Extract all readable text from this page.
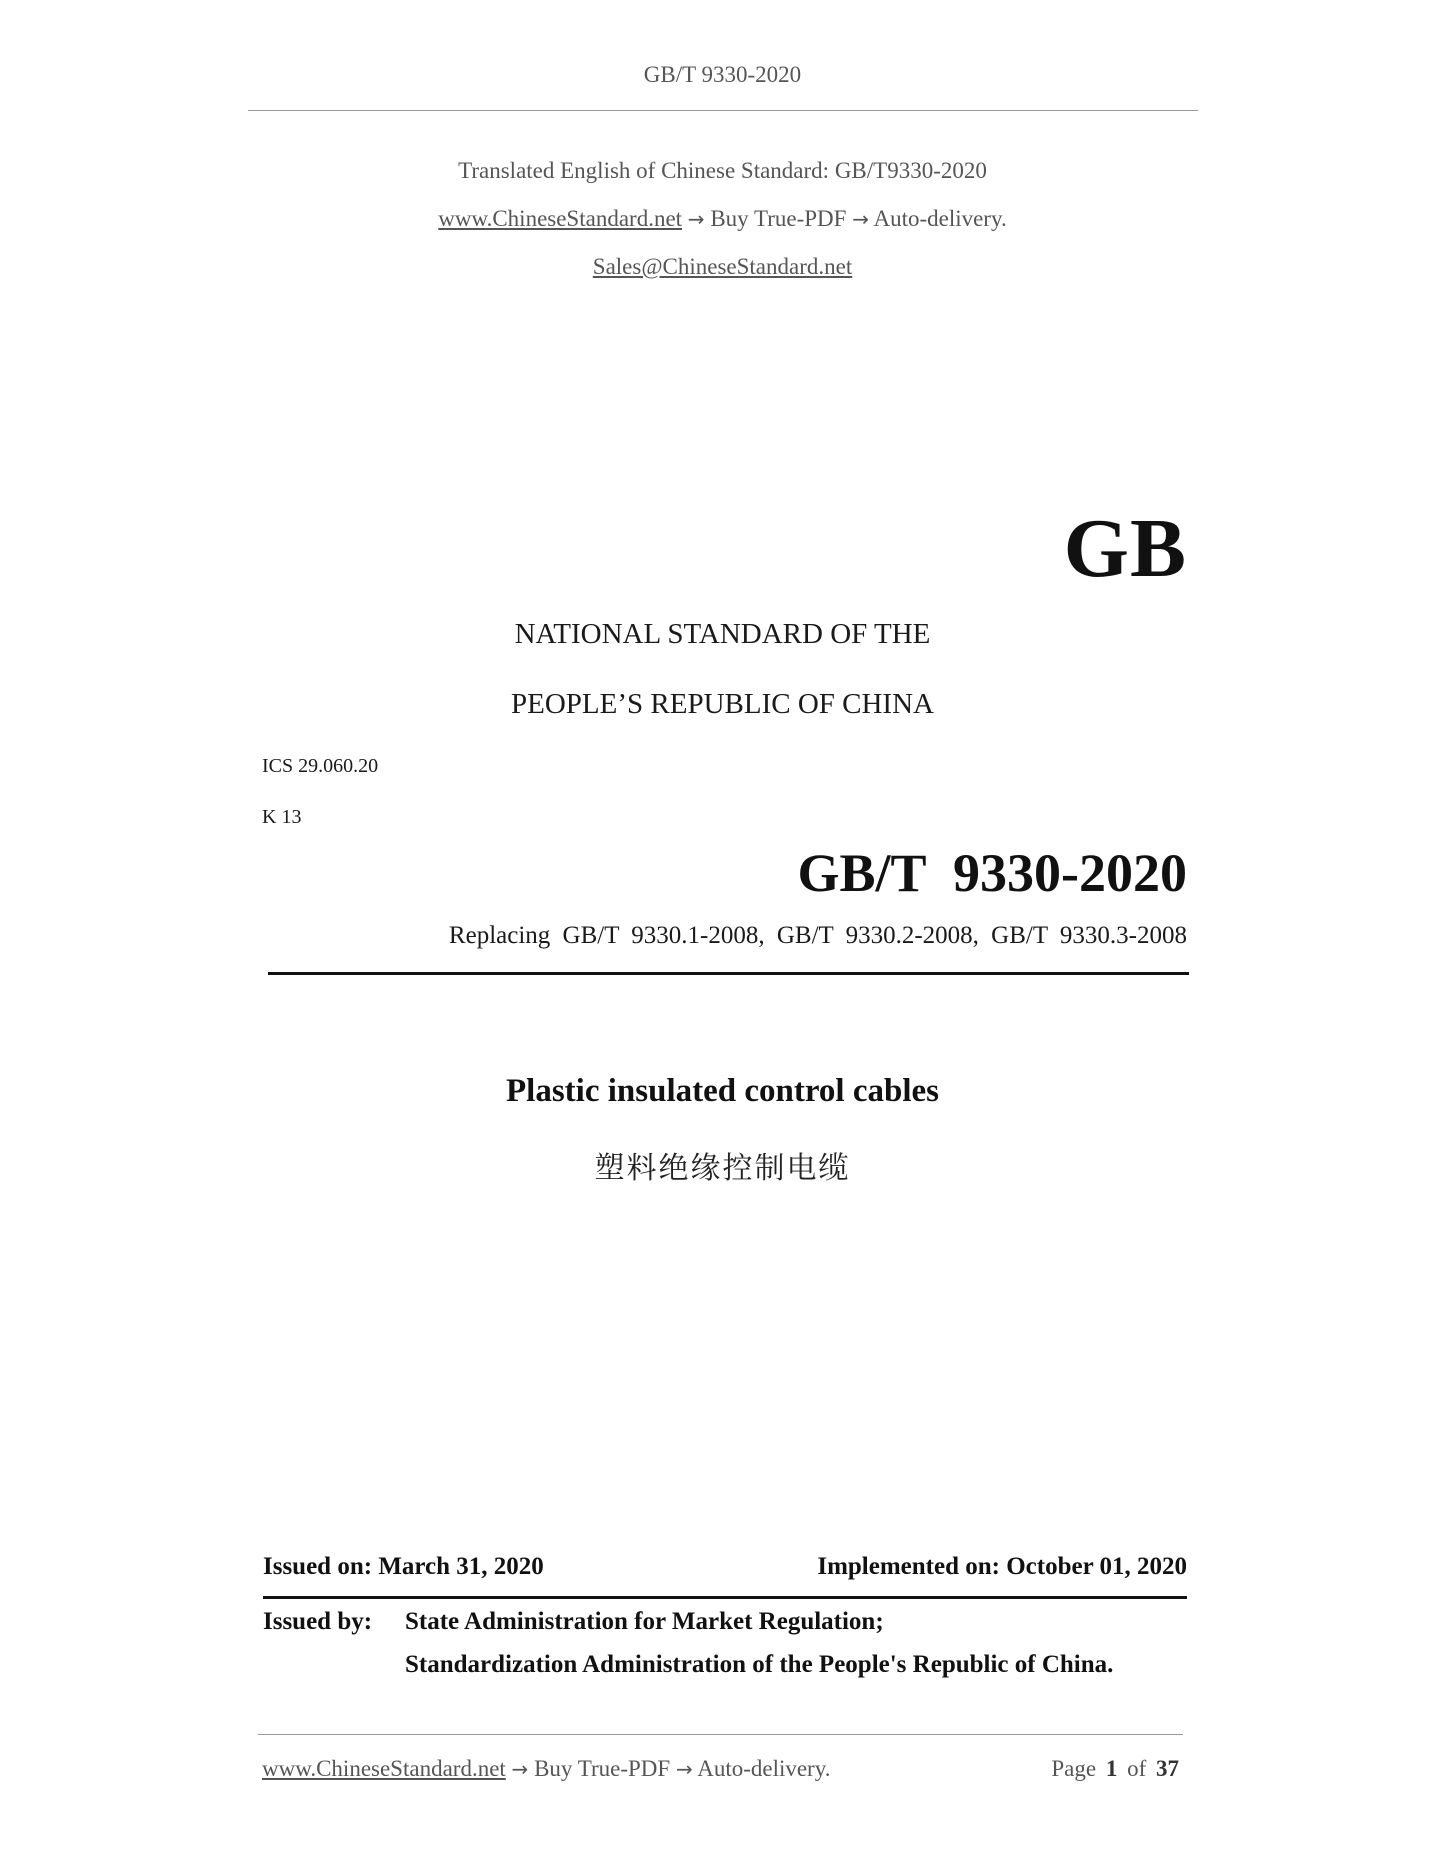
GB/T 9330-2020
Translated English of Chinese Standard: GB/T9330-2020
www.ChineseStandard.net → Buy True-PDF → Auto-delivery.
Sales@ChineseStandard.net
GB
NATIONAL STANDARD OF THE
PEOPLE’S REPUBLIC OF CHINA
ICS 29.060.20
K 13
GB/T 9330-2020
Replacing GB/T 9330.1-2008, GB/T 9330.2-2008, GB/T 9330.3-2008
Plastic insulated control cables
塑料绝缘控制电缆
Issued on: March 31, 2020	Implemented on: October 01, 2020
Issued by: State Administration for Market Regulation;
Standardization Administration of the People's Republic of China.
www.ChineseStandard.net → Buy True-PDF → Auto-delivery.	Page 1 of 37
